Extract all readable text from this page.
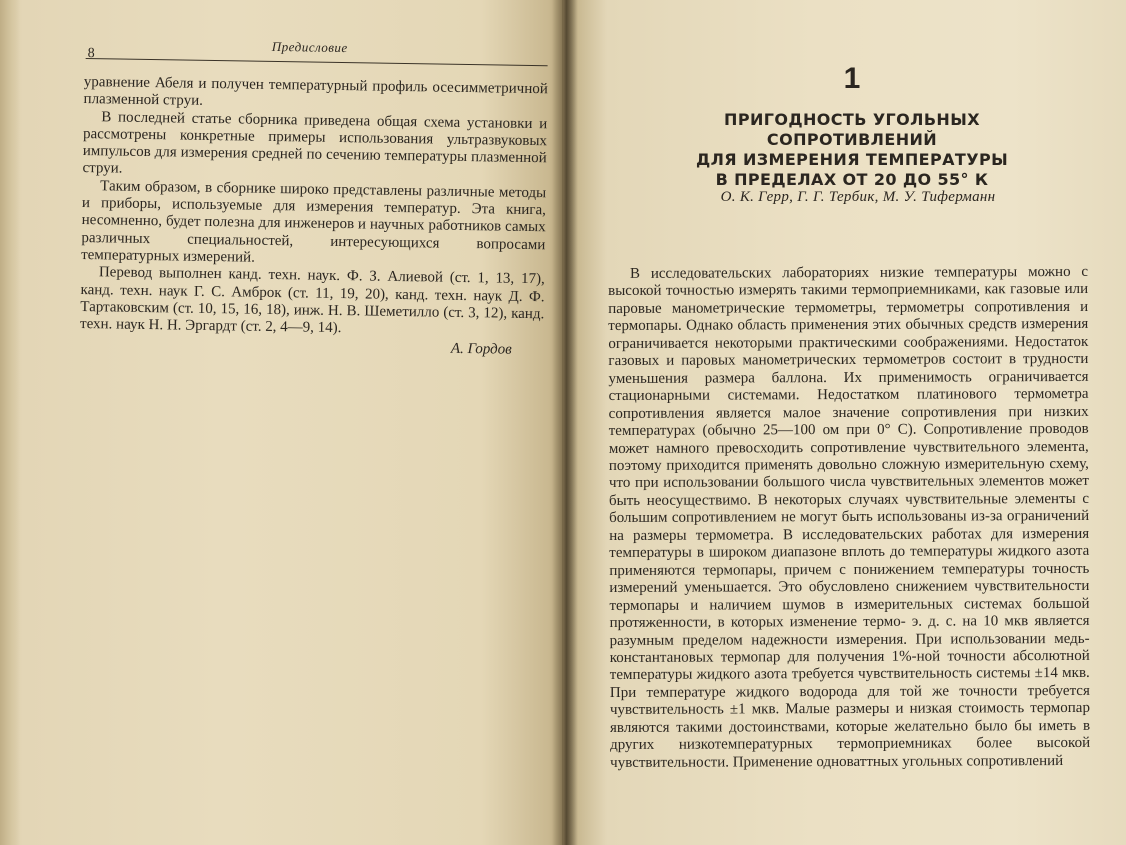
8	Предисловие

уравнение Абеля и получен температурный профиль осесимметричной плазменной струи.

В последней статье сборника приведена общая схема установки и рассмотрены конкретные примеры использования ультразвуковых импульсов для измерения средней по сечению температуры плазменной струи.

Таким образом, в сборнике широко представлены различные методы и приборы, используемые для измерения температур. Эта книга, несомненно, будет полезна для инженеров и научных работников самых различных специальностей, интересующихся вопросами температурных измерений.

Перевод выполнен канд. техн. наук. Ф. З. Алиевой (ст. 1, 13, 17), канд. техн. наук Г. С. Амброк (ст. 11, 19, 20), канд. техн. наук Д. Ф. Тартаковским (ст. 10, 15, 16, 18), инж. Н. В. Шеметилло (ст. 3, 12), канд. техн. наук Н. Н. Эргардт (ст. 2, 4—9, 14).

А. Гордов
1
ПРИГОДНОСТЬ УГОЛЬНЫХ СОПРОТИВЛЕНИЙ
ДЛЯ ИЗМЕРЕНИЯ ТЕМПЕРАТУРЫ
В ПРЕДЕЛАХ ОТ 20 ДО 55° К
О. К. Герр, Г. Г. Тербик, М. У. Тиферманн

В исследовательских лабораториях низкие температуры можно с высокой точностью измерять такими термоприемниками, как газовые или паровые манометрические термометры, термометры сопротивления и термопары. Однако область применения этих обычных средств измерения ограничивается некоторыми практическими соображениями. Недостаток газовых и паровых манометрических термометров состоит в трудности уменьшения размера баллона. Их применимость ограничивается стационарными системами. Недостатком платинового термометра сопротивления является малое значение сопротивления при низких температурах (обычно 25—100 ом при 0° С). Сопротивление проводов может намного превосходить сопротивление чувствительного элемента, поэтому приходится применять довольно сложную измерительную схему, что при использовании большого числа чувствительных элементов может быть неосуществимо. В некоторых случаях чувствительные элементы с большим сопротивлением не могут быть использованы из-за ограничений на размеры термометра. В исследовательских работах для измерения температуры в широком диапазоне вплоть до температуры жидкого азота применяются термопары, причем с понижением температуры точность измерений уменьшается. Это обусловлено снижением чувствительности термопары и наличием шумов в измерительных системах большой протяженности, в которых изменение термо- э. д. с. на 10 мкв является разумным пределом надежности измерения. При использовании медь-константановых термопар для получения 1%-ной точности абсолютной температуры жидкого азота требуется чувствительность системы ±14 мкв. При температуре жидкого водорода для той же точности требуется чувствительность ±1 мкв. Малые размеры и низкая стоимость термопар являются такими достоинствами, которые желательно было бы иметь в других низкотемпературных термоприемниках более высокой чувствительности. Применение одноваттных угольных сопротивлений
